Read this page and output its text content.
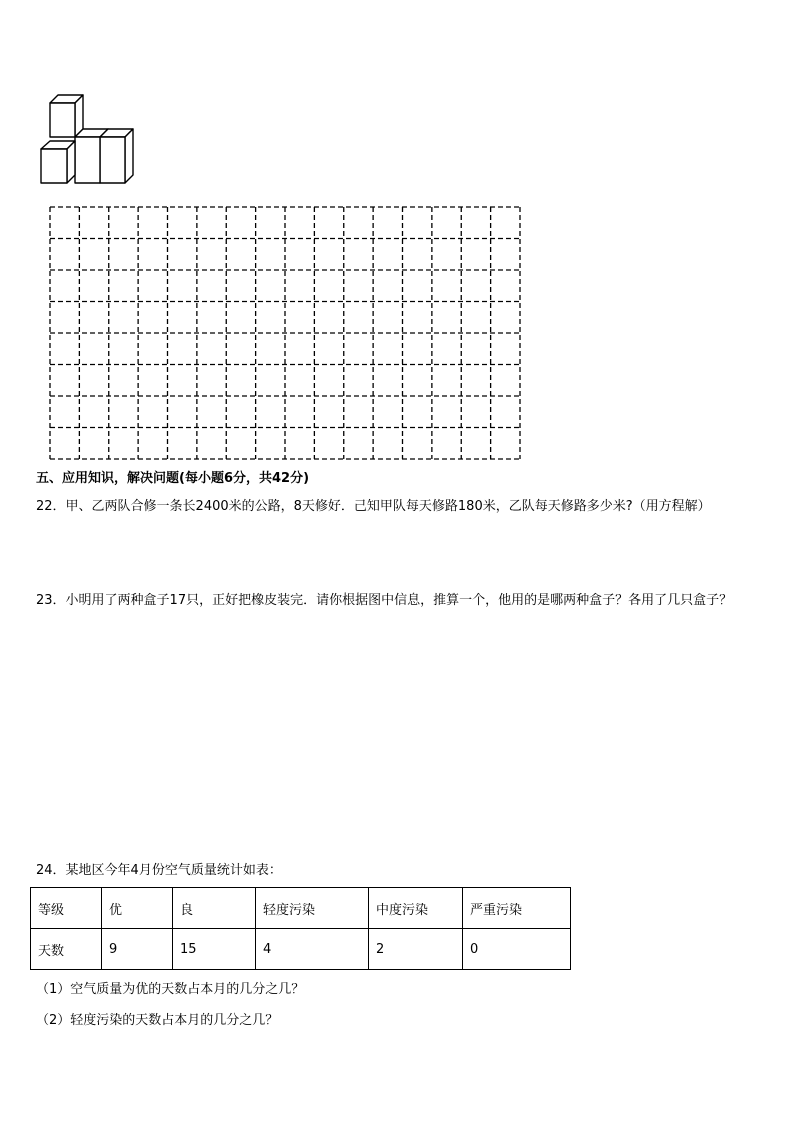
五、应用知识，解决问题(每小题6分，共42分)
22．甲、乙两队合修一条长2400米的公路，8天修好．己知甲队每天修路180米，乙队每天修路多少米?（用方程解）
23．小明用了两种盒子17只，正好把橡皮装完．请你根据图中信息，推算一个，他用的是哪两种盒子？各用了几只盒子？
24．某地区今年4月份空气质量统计如表：
等级	优	良	轻度污染	中度污染	严重污染
天数	9	15	4	2	0
（1）空气质量为优的天数占本月的几分之几？
（2）轻度污染的天数占本月的几分之几？
